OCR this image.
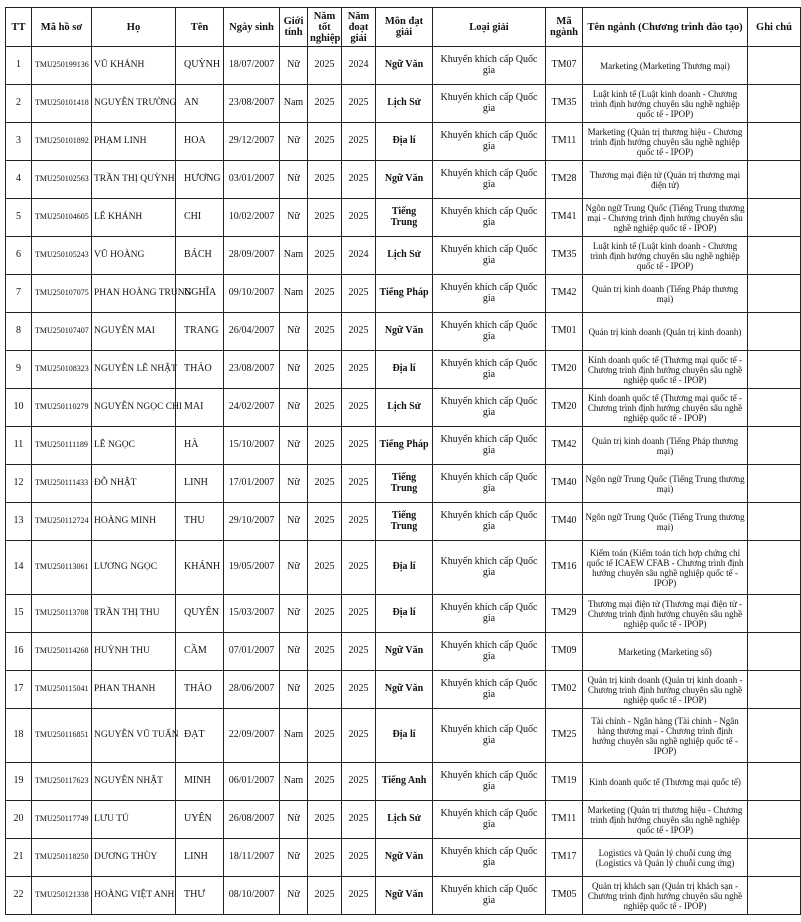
TT	Mã hồ sơ	Họ	Tên	Ngày sinh	Giới tính	Năm tốt nghiệp	Năm đoạt giải	Môn đạt giải	Loại giải	Mã ngành	Tên ngành (Chương trình đào tạo)	Ghi chú
1	TMU250199136	VŨ KHÁNH	QUỲNH	18/07/2007	Nữ	2025	2024	Ngữ Văn	Khuyến khích cấp Quốc gia	TM07	Marketing (Marketing Thương mại)	
2	TMU250101418	NGUYỄN TRƯỜNG	AN	23/08/2007	Nam	2025	2025	Lịch Sử	Khuyến khích cấp Quốc gia	TM35	Luật kinh tế (Luật kinh doanh - Chương trình định hướng chuyên sâu nghề nghiệp quốc tế - IPOP)	
3	TMU250101892	PHẠM LINH	HOA	29/12/2007	Nữ	2025	2025	Địa lí	Khuyến khích cấp Quốc gia	TM11	Marketing (Quản trị thương hiệu - Chương trình định hướng chuyên sâu nghề nghiệp quốc tế - IPOP)	
4	TMU250102563	TRẦN THỊ QUỲNH	HƯƠNG	03/01/2007	Nữ	2025	2025	Ngữ Văn	Khuyến khích cấp Quốc gia	TM28	Thương mại điện tử (Quản trị thương mại điện tử)	
5	TMU250104605	LÊ KHÁNH	CHI	10/02/2007	Nữ	2025	2025	Tiếng Trung	Khuyến khích cấp Quốc gia	TM41	Ngôn ngữ Trung Quốc (Tiếng Trung thương mại - Chương trình định hướng chuyên sâu nghề nghiệp quốc tế - IPOP)	
6	TMU250105243	VŨ HOÀNG	BÁCH	28/09/2007	Nam	2025	2024	Lịch Sử	Khuyến khích cấp Quốc gia	TM35	Luật kinh tế (Luật kinh doanh - Chương trình định hướng chuyên sâu nghề nghiệp quốc tế - IPOP)	
7	TMU250107075	PHAN HOÀNG TRUNG	NGHĨA	09/10/2007	Nam	2025	2025	Tiếng Pháp	Khuyến khích cấp Quốc gia	TM42	Quản trị kinh doanh (Tiếng Pháp thương mại)	
8	TMU250107407	NGUYỄN MAI	TRANG	26/04/2007	Nữ	2025	2025	Ngữ Văn	Khuyến khích cấp Quốc gia	TM01	Quản trị kinh doanh (Quản trị kinh doanh)	
9	TMU250108323	NGUYỄN LÊ NHẬT	THẢO	23/08/2007	Nữ	2025	2025	Địa lí	Khuyến khích cấp Quốc gia	TM20	Kinh doanh quốc tế (Thương mại quốc tế - Chương trình định hướng chuyên sâu nghề nghiệp quốc tế - IPOP)	
10	TMU250110279	NGUYỄN NGỌC CHI	MAI	24/02/2007	Nữ	2025	2025	Lịch Sử	Khuyến khích cấp Quốc gia	TM20	Kinh doanh quốc tế (Thương mại quốc tế - Chương trình định hướng chuyên sâu nghề nghiệp quốc tế - IPOP)	
11	TMU250111189	LÊ NGỌC	HÀ	15/10/2007	Nữ	2025	2025	Tiếng Pháp	Khuyến khích cấp Quốc gia	TM42	Quản trị kinh doanh (Tiếng Pháp thương mại)	
12	TMU250111433	ĐỖ NHẬT	LINH	17/01/2007	Nữ	2025	2025	Tiếng Trung	Khuyến khích cấp Quốc gia	TM40	Ngôn ngữ Trung Quốc (Tiếng Trung thương mại)	
13	TMU250112724	HOÀNG MINH	THU	29/10/2007	Nữ	2025	2025	Tiếng Trung	Khuyến khích cấp Quốc gia	TM40	Ngôn ngữ Trung Quốc (Tiếng Trung thương mại)	
14	TMU250113061	LƯƠNG NGỌC	KHÁNH	19/05/2007	Nữ	2025	2025	Địa lí	Khuyến khích cấp Quốc gia	TM16	Kiểm toán (Kiểm toán tích hợp chứng chỉ quốc tế ICAEW CFAB - Chương trình định hướng chuyên sâu nghề nghiệp quốc tế - IPOP)	
15	TMU250113708	TRẦN THỊ THU	QUYÊN	15/03/2007	Nữ	2025	2025	Địa lí	Khuyến khích cấp Quốc gia	TM29	Thương mại điện tử (Thương mại điện tử - Chương trình định hướng chuyên sâu nghề nghiệp quốc tế - IPOP)	
16	TMU250114268	HUỲNH THU	CẦM	07/01/2007	Nữ	2025	2025	Ngữ Văn	Khuyến khích cấp Quốc gia	TM09	Marketing (Marketing số)	
17	TMU250115041	PHAN THANH	THẢO	28/06/2007	Nữ	2025	2025	Ngữ Văn	Khuyến khích cấp Quốc gia	TM02	Quản trị kinh doanh (Quản trị kinh doanh - Chương trình định hướng chuyên sâu nghề nghiệp quốc tế - IPOP)	
18	TMU250116851	NGUYỄN VŨ TUẤN	ĐẠT	22/09/2007	Nam	2025	2025	Địa lí	Khuyến khích cấp Quốc gia	TM25	Tài chính - Ngân hàng (Tài chính - Ngân hàng thương mại - Chương trình định hướng chuyên sâu nghề nghiệp quốc tế - IPOP)	
19	TMU250117623	NGUYỄN NHẬT	MINH	06/01/2007	Nam	2025	2025	Tiếng Anh	Khuyến khích cấp Quốc gia	TM19	Kinh doanh quốc tế (Thương mại quốc tế)	
20	TMU250117749	LƯU TÚ	UYÊN	26/08/2007	Nữ	2025	2025	Lịch Sử	Khuyến khích cấp Quốc gia	TM11	Marketing (Quản trị thương hiệu - Chương trình định hướng chuyên sâu nghề nghiệp quốc tế - IPOP)	
21	TMU250118250	DƯƠNG THÙY	LINH	18/11/2007	Nữ	2025	2025	Ngữ Văn	Khuyến khích cấp Quốc gia	TM17	Logistics và Quản lý chuỗi cung ứng (Logistics và Quản lý chuỗi cung ứng)	
22	TMU250121338	HOÀNG VIỆT ANH	THƯ	08/10/2007	Nữ	2025	2025	Ngữ Văn	Khuyến khích cấp Quốc gia	TM05	Quản trị khách sạn (Quản trị khách sạn - Chương trình định hướng chuyên sâu nghề nghiệp quốc tế - IPOP)	
